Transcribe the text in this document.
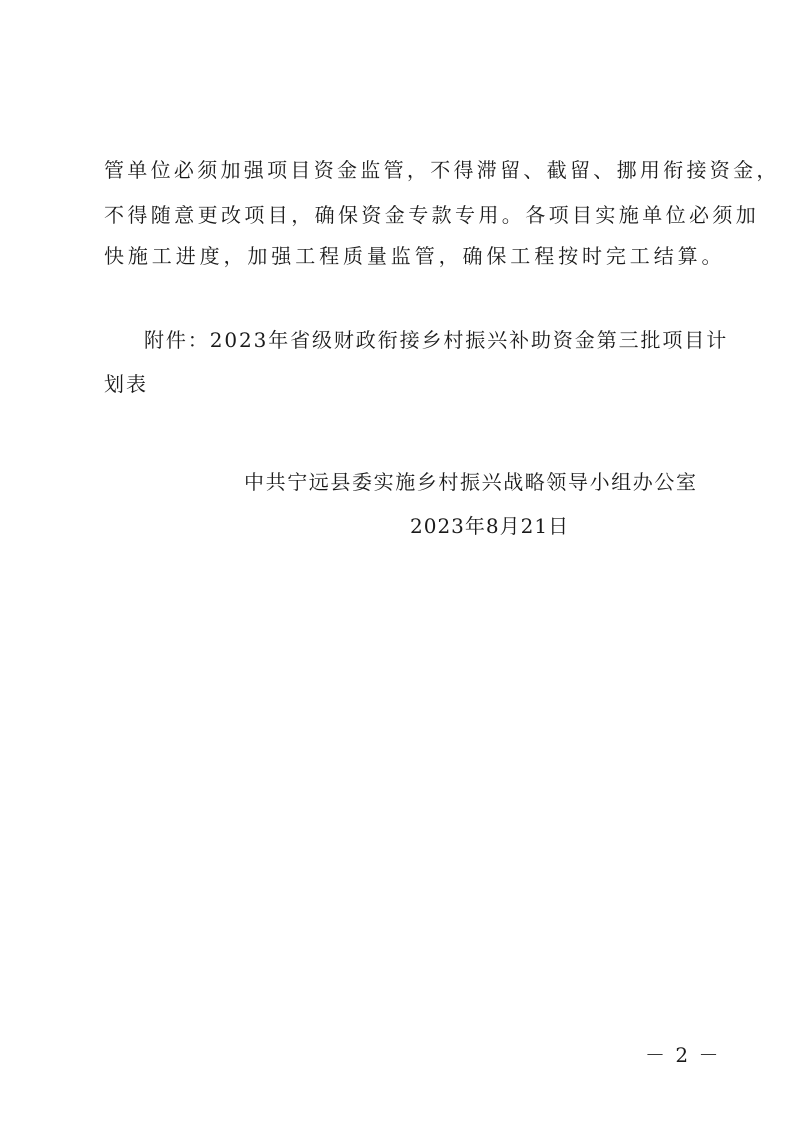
管单位必须加强项目资金监管，不得滞留、截留、挪用衔接资金，
不得随意更改项目，确保资金专款专用。各项目实施单位必须加
快施工进度，加强工程质量监管，确保工程按时完工结算。
附件：2023年省级财政衔接乡村振兴补助资金第三批项目计
划表
中共宁远县委实施乡村振兴战略领导小组办公室
2023年8月21日
－ 2 －
